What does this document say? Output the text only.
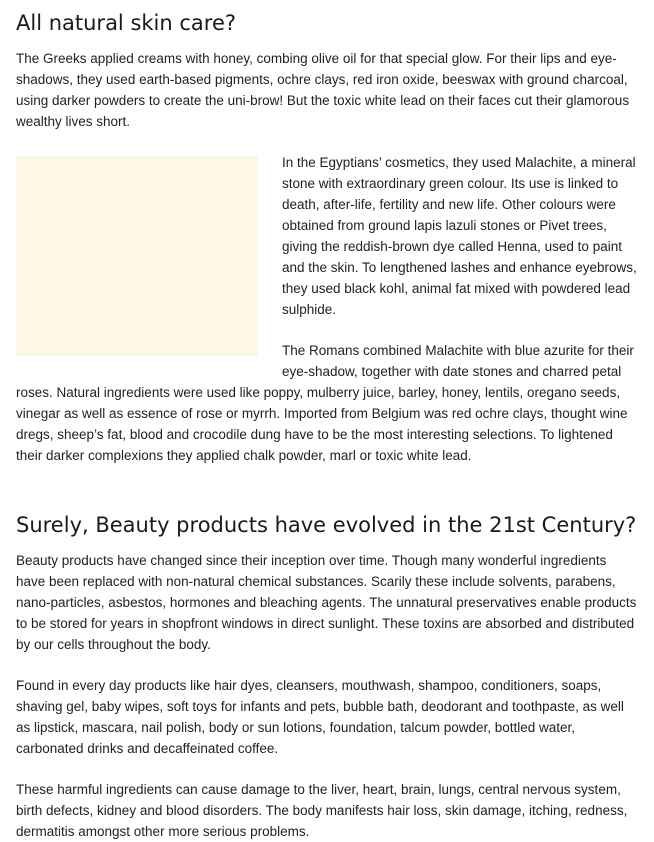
All natural skin care?

The Greeks applied creams with honey, combing olive oil for that special glow. For their lips and eye-shadows, they used earth-based pigments, ochre clays, red iron oxide, beeswax with ground charcoal, using darker powders to create the uni-brow! But the toxic white lead on their faces cut their glamorous wealthy lives short.

In the Egyptians’ cosmetics, they used Malachite, a mineral stone with extraordinary green colour. Its use is linked to death, after-life, fertility and new life. Other colours were obtained from ground lapis lazuli stones or Pivet trees, giving the reddish-brown dye called Henna, used to paint and the skin. To lengthened lashes and enhance eyebrows, they used black kohl, animal fat mixed with powdered lead sulphide.

The Romans combined Malachite with blue azurite for their eye-shadow, together with date stones and charred petal roses. Natural ingredients were used like poppy, mulberry juice, barley, honey, lentils, oregano seeds, vinegar as well as essence of rose or myrrh. Imported from Belgium was red ochre clays, thought wine dregs, sheep’s fat, blood and crocodile dung have to be the most interesting selections. To lightened their darker complexions they applied chalk powder, marl or toxic white lead.

Surely, Beauty products have evolved in the 21st Century?

Beauty products have changed since their inception over time. Though many wonderful ingredients have been replaced with non-natural chemical substances. Scarily these include solvents, parabens, nano-particles, asbestos, hormones and bleaching agents. The unnatural preservatives enable products to be stored for years in shopfront windows in direct sunlight. These toxins are absorbed and distributed by our cells throughout the body.

Found in every day products like hair dyes, cleansers, mouthwash, shampoo, conditioners, soaps, shaving gel, baby wipes, soft toys for infants and pets, bubble bath, deodorant and toothpaste, as well as lipstick, mascara, nail polish, body or sun lotions, foundation, talcum powder, bottled water, carbonated drinks and decaffeinated coffee.

These harmful ingredients can cause damage to the liver, heart, brain, lungs, central nervous system, birth defects, kidney and blood disorders. The body manifests hair loss, skin damage, itching, redness, dermatitis amongst other more serious problems.
